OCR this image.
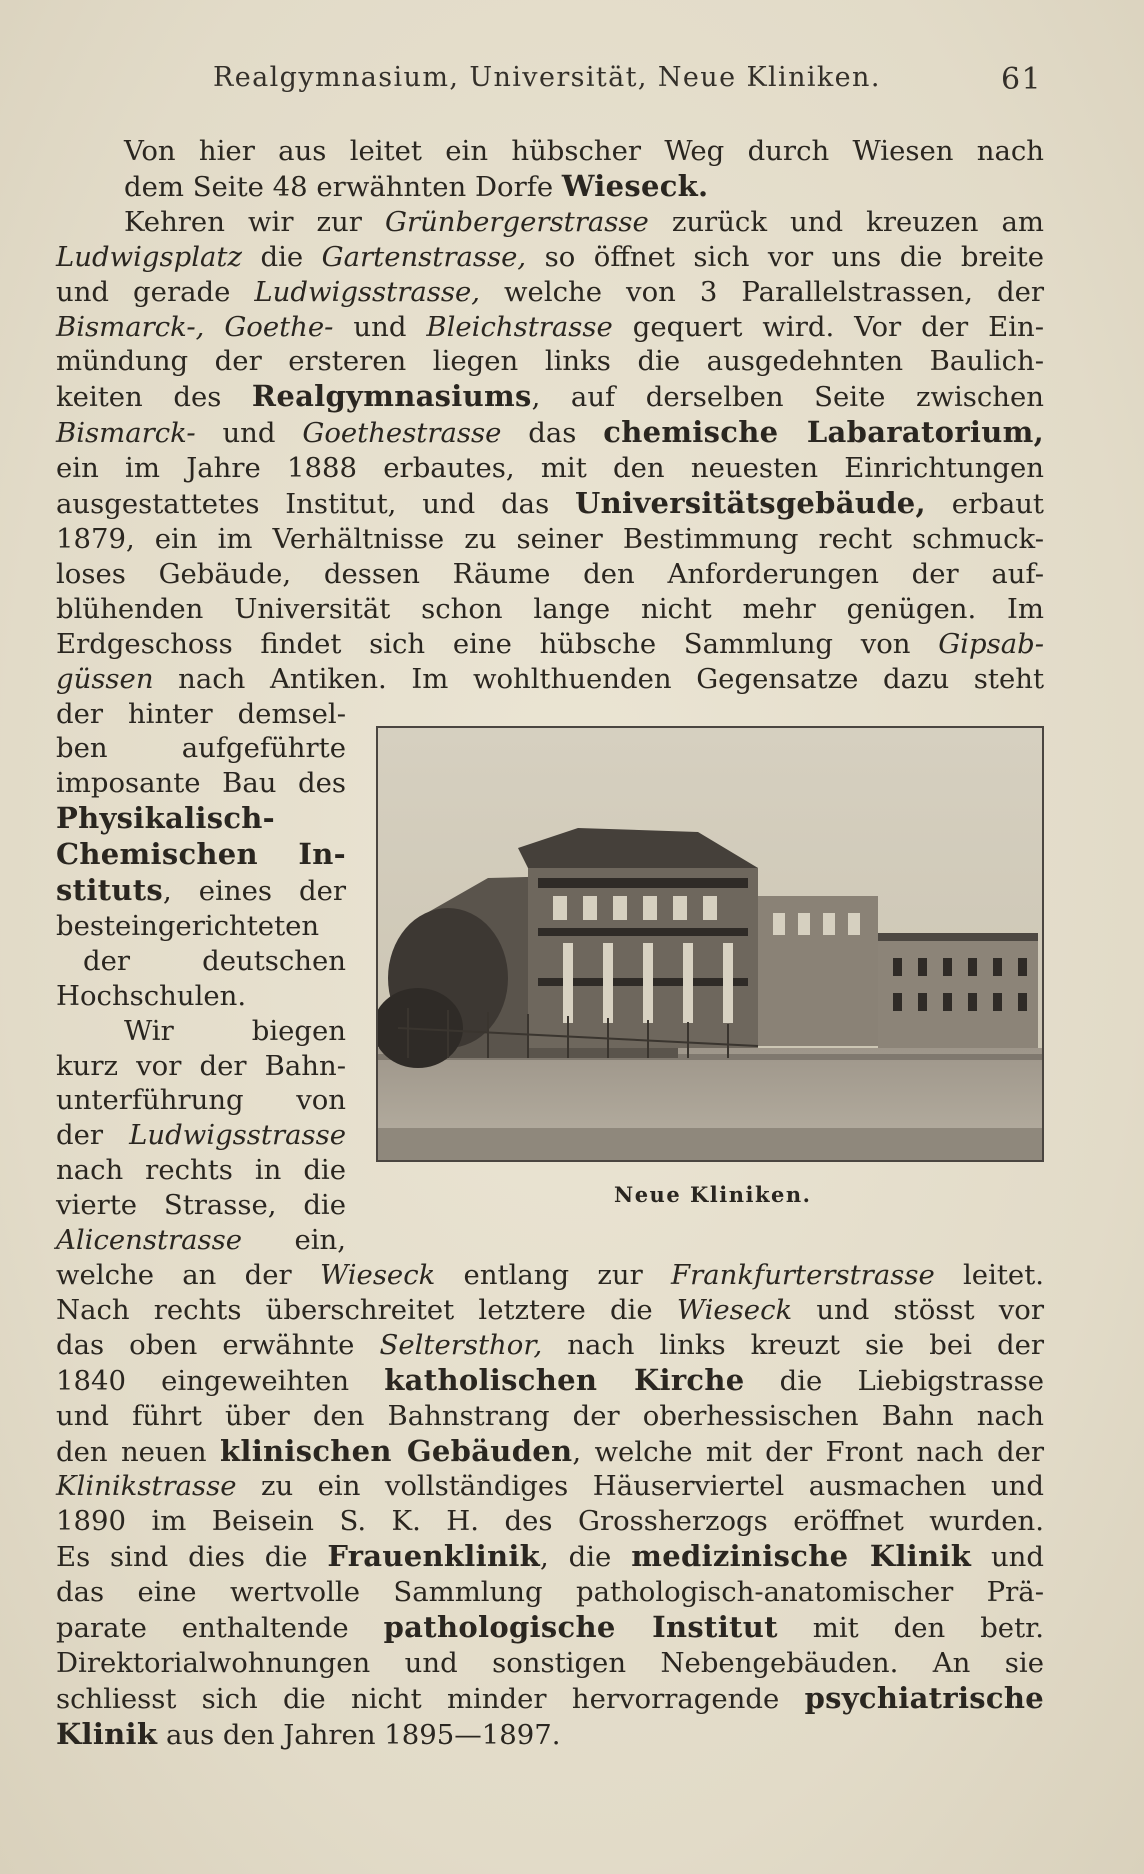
Realgymnasium, Universität, Neue Kliniken.	61
Von hier aus leitet ein hübscher Weg durch Wiesen nach
dem Seite 48 erwähnten Dorfe Wieseck.
Kehren wir zur Grünbergerstrasse zurück und kreuzen am
Ludwigsplatz die Gartenstrasse, so öffnet sich vor uns die breite
und gerade Ludwigsstrasse, welche von 3 Parallelstrassen, der
Bismarck-, Goethe- und Bleichstrasse gequert wird. Vor der Ein-
mündung der ersteren liegen links die ausgedehnten Baulich-
keiten des Realgymnasiums, auf derselben Seite zwischen
Bismarck- und Goethestrasse das chemische Labaratorium,
ein im Jahre 1888 erbautes, mit den neuesten Einrichtungen
ausgestattetes Institut, und das Universitätsgebäude, erbaut
1879, ein im Verhältnisse zu seiner Bestimmung recht schmuck-
loses Gebäude, dessen Räume den Anforderungen der auf-
blühenden Universität schon lange nicht mehr genügen. Im
Erdgeschoss findet sich eine hübsche Sammlung von Gipsab-
güssen nach Antiken. Im wohlthuenden Gegensatze dazu steht
der hinter demsel-
ben aufgeführte
imposante Bau des
Physikalisch-
Chemischen In-
stituts, eines der
besteingerichteten
der deutschen
Hochschulen.
Wir biegen
kurz vor der Bahn-
unterführung von
der Ludwigsstrasse
nach rechts in die
vierte Strasse, die
Alicenstrasse ein,
welche an der Wieseck entlang zur Frankfurterstrasse leitet.
Nach rechts überschreitet letztere die Wieseck und stösst vor
das oben erwähnte Seltersthor, nach links kreuzt sie bei der
1840 eingeweihten katholischen Kirche die Liebigstrasse
und führt über den Bahnstrang der oberhessischen Bahn nach
den neuen klinischen Gebäuden, welche mit der Front nach der
Klinikstrasse zu ein vollständiges Häuserviertel ausmachen und
1890 im Beisein S. K. H. des Grossherzogs eröffnet wurden.
Es sind dies die Frauenklinik, die medizinische Klinik und
das eine wertvolle Sammlung pathologisch-anatomischer Prä-
parate enthaltende pathologische Institut mit den betr.
Direktorialwohnungen und sonstigen Nebengebäuden. An sie
schliesst sich die nicht minder hervorragende psychiatrische
Klinik aus den Jahren 1895—1897.
Neue Kliniken.
